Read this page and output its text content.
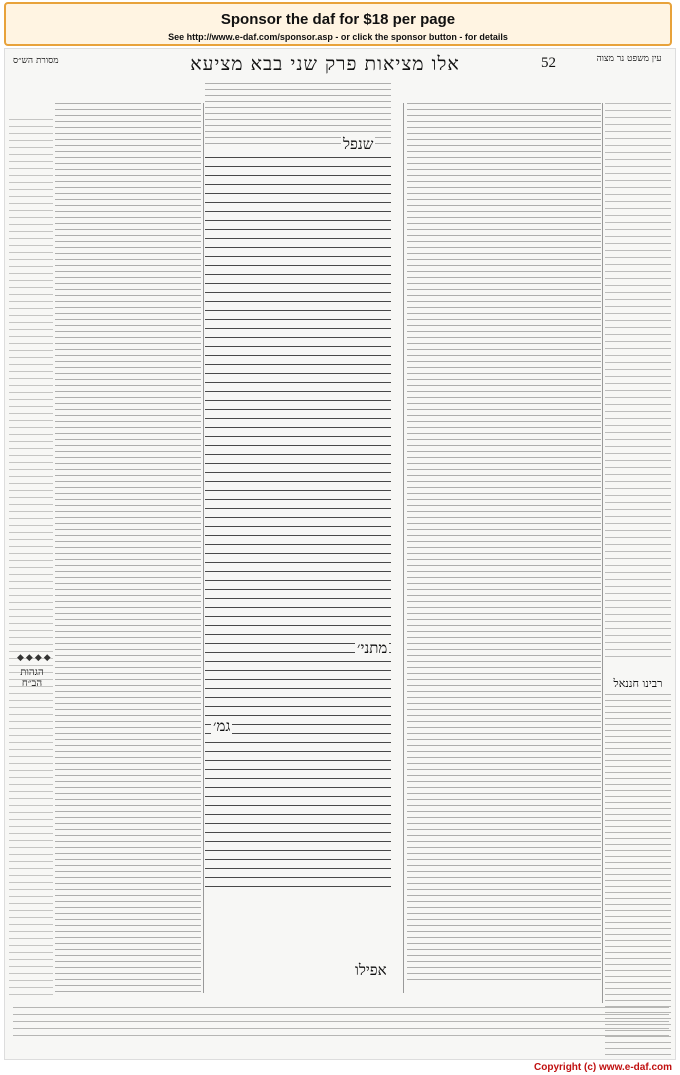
Sponsor the daf for $18 per page
See http://www.e-daf.com/sponsor.asp - or click the sponsor button - for details
מסורת הש״ס	אלו מציאות פרק שני בבא מציעא	52	עין משפט נר מצוה
שנפל
מתני׳
גמ׳
אפילו
◆◆◆◆
הגהות הב״ח	רבינו חננאל
Copyright (c) www.e-daf.com
